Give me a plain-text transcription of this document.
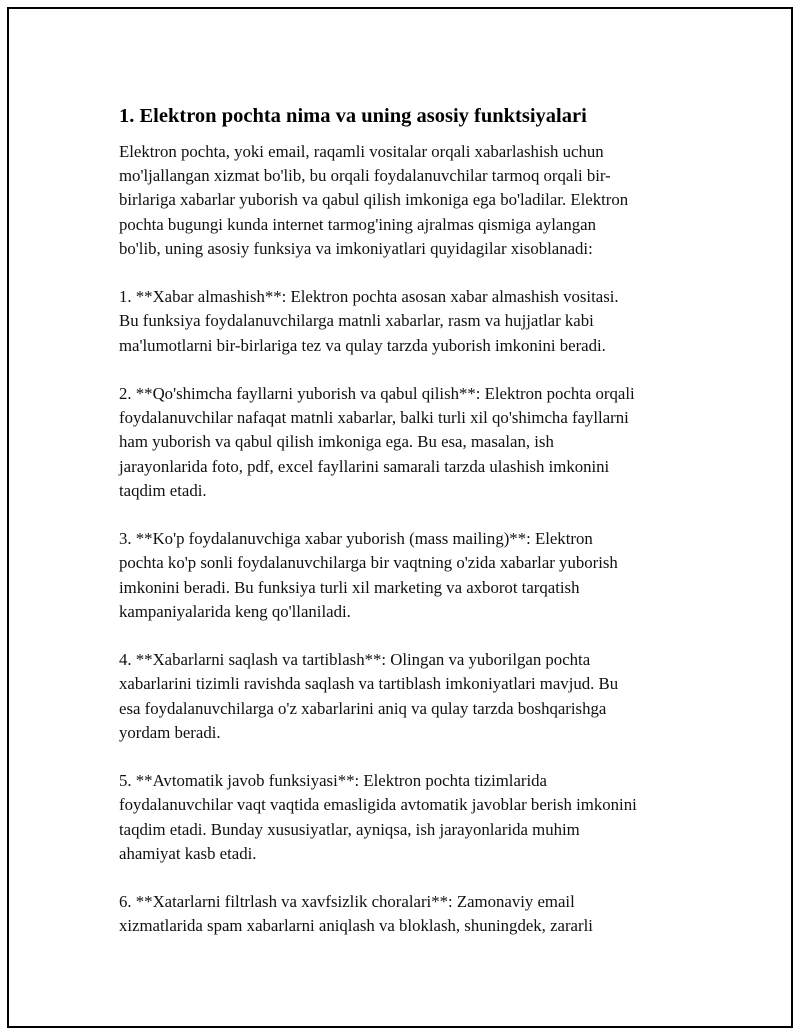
1. Elektron pochta nima va uning asosiy funktsiyalari

Elektron pochta, yoki email, raqamli vositalar orqali xabarlashish uchun
mo'ljallangan xizmat bo'lib, bu orqali foydalanuvchilar tarmoq orqali bir-
birlariga xabarlar yuborish va qabul qilish imkoniga ega bo'ladilar. Elektron
pochta bugungi kunda internet tarmog'ining ajralmas qismiga aylangan
bo'lib, uning asosiy funksiya va imkoniyatlari quyidagilar xisoblanadi:

1. **Xabar almashish**: Elektron pochta asosan xabar almashish vositasi.
Bu funksiya foydalanuvchilarga matnli xabarlar, rasm va hujjatlar kabi
ma'lumotlarni bir-birlariga tez va qulay tarzda yuborish imkonini beradi.

2. **Qo'shimcha fayllarni yuborish va qabul qilish**: Elektron pochta orqali
foydalanuvchilar nafaqat matnli xabarlar, balki turli xil qo'shimcha fayllarni
ham yuborish va qabul qilish imkoniga ega. Bu esa, masalan, ish
jarayonlarida foto, pdf, excel fayllarini samarali tarzda ulashish imkonini
taqdim etadi.

3. **Ko'p foydalanuvchiga xabar yuborish (mass mailing)**: Elektron
pochta ko'p sonli foydalanuvchilarga bir vaqtning o'zida xabarlar yuborish
imkonini beradi. Bu funksiya turli xil marketing va axborot tarqatish
kampaniyalarida keng qo'llaniladi.

4. **Xabarlarni saqlash va tartiblash**: Olingan va yuborilgan pochta
xabarlarini tizimli ravishda saqlash va tartiblash imkoniyatlari mavjud. Bu
esa foydalanuvchilarga o'z xabarlarini aniq va qulay tarzda boshqarishga
yordam beradi.

5. **Avtomatik javob funksiyasi**: Elektron pochta tizimlarida
foydalanuvchilar vaqt vaqtida emasligida avtomatik javoblar berish imkonini
taqdim etadi. Bunday xususiyatlar, ayniqsa, ish jarayonlarida muhim
ahamiyat kasb etadi.

6. **Xatarlarni filtrlash va xavfsizlik choralari**: Zamonaviy email
xizmatlarida spam xabarlarni aniqlash va bloklash, shuningdek, zararli
